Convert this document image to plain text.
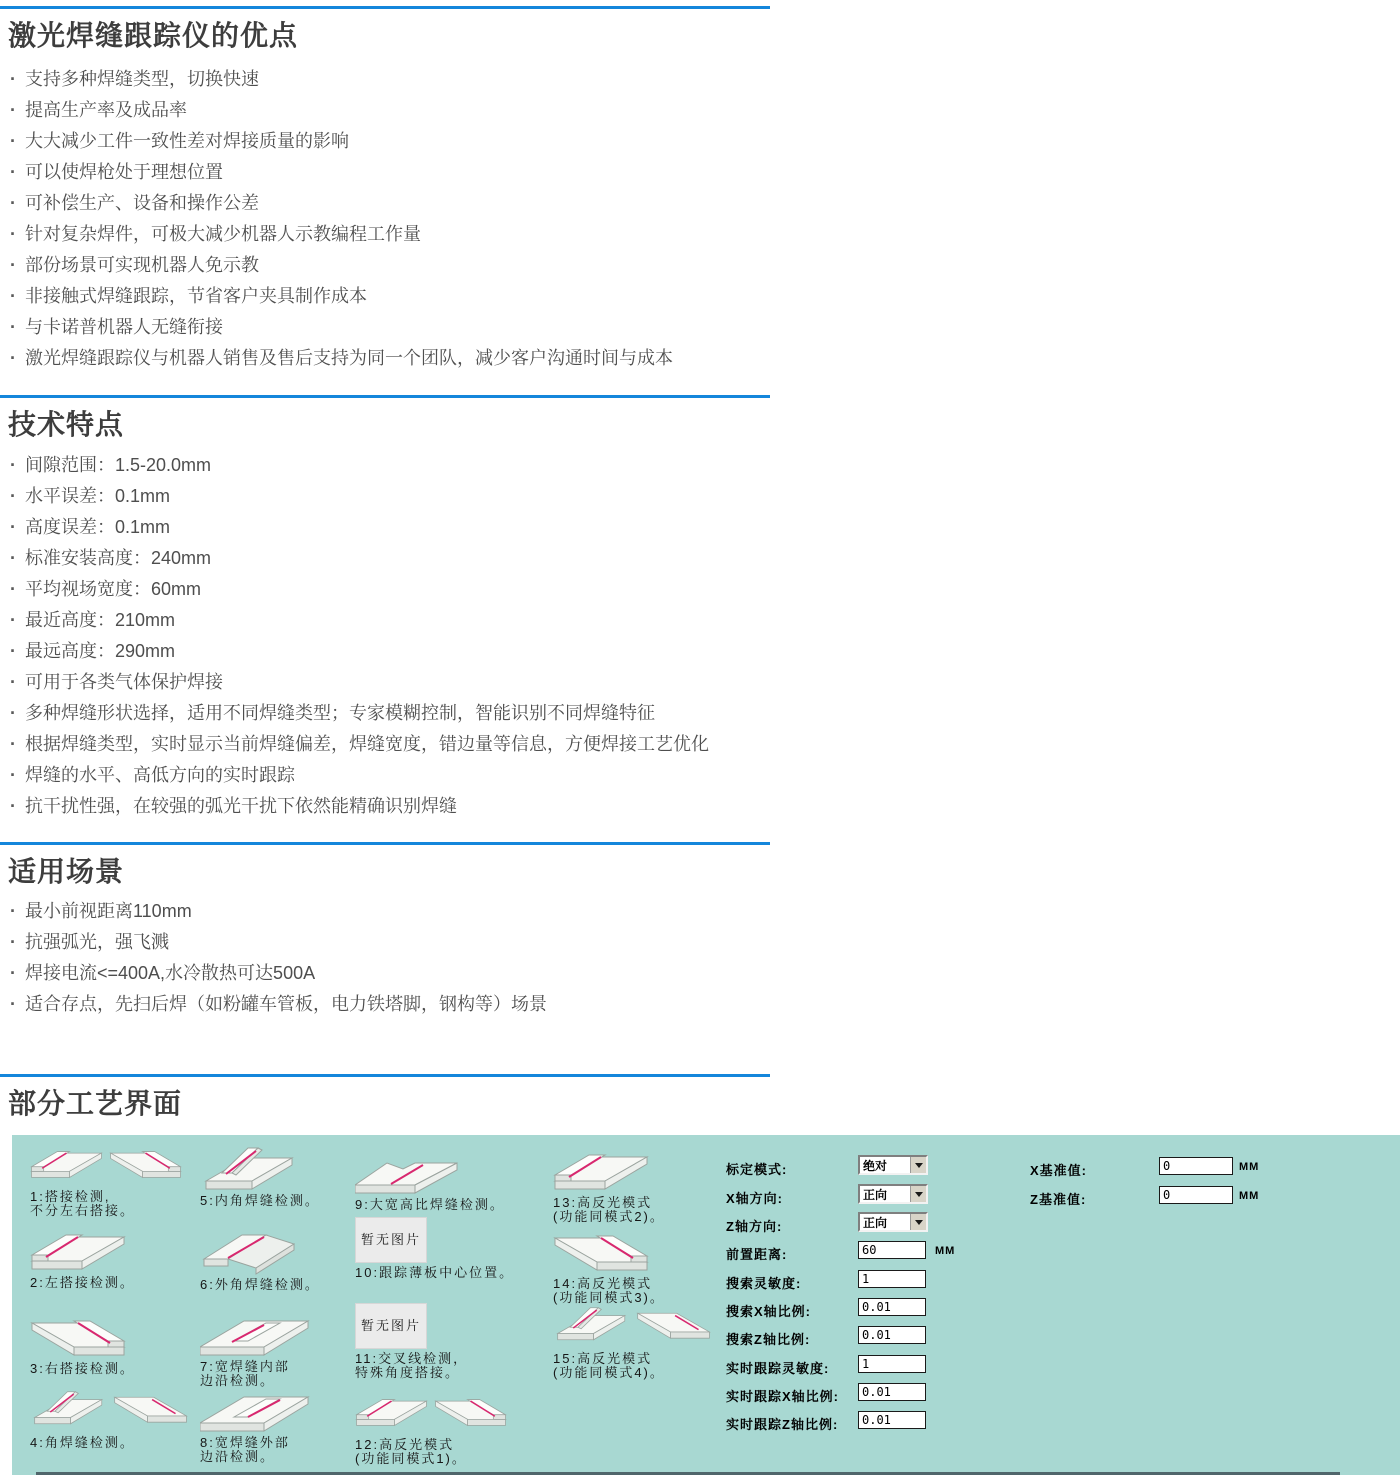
激光焊缝跟踪仪的优点
· 支持多种焊缝类型，切换快速
· 提高生产率及成品率
· 大大减少工件一致性差对焊接质量的影响
· 可以使焊枪处于理想位置
· 可补偿生产、设备和操作公差
· 针对复杂焊件，可极大减少机器人示教编程工作量
· 部份场景可实现机器人免示教
· 非接触式焊缝跟踪，节省客户夹具制作成本
· 与卡诺普机器人无缝衔接
· 激光焊缝跟踪仪与机器人销售及售后支持为同一个团队，减少客户沟通时间与成本
技术特点
· 间隙范围：1.5-20.0mm
· 水平误差：0.1mm
· 高度误差：0.1mm
· 标准安装高度：240mm
· 平均视场宽度：60mm
· 最近高度：210mm
· 最远高度：290mm
· 可用于各类气体保护焊接
· 多种焊缝形状选择，适用不同焊缝类型；专家模糊控制，智能识别不同焊缝特征
· 根据焊缝类型，实时显示当前焊缝偏差，焊缝宽度，错边量等信息，方便焊接工艺优化
· 焊缝的水平、高低方向的实时跟踪
· 抗干扰性强，在较强的弧光干扰下依然能精确识别焊缝
适用场景
· 最小前视距离110mm
· 抗强弧光，强飞溅
· 焊接电流<=400A,水冷散热可达500A
· 适合存点，先扫后焊（如粉罐车管板，电力铁塔脚，钢构等）场景
部分工艺界面
1:搭接检测,
不分左右搭接。
2:左搭接检测。
3:右搭接检测。
4:角焊缝检测。
5:内角焊缝检测。
6:外角焊缝检测。
7:宽焊缝内部
边沿检测。
8:宽焊缝外部
边沿检测。
9:大宽高比焊缝检测。
暂无图片
10:跟踪薄板中心位置。
暂无图片
11:交叉线检测，
特殊角度搭接。
12:高反光模式
(功能同模式1)。
13:高反光模式
(功能同模式2)。
14:高反光模式
(功能同模式3)。
15:高反光模式
(功能同模式4)。
标定模式:	绝对
X轴方向:	正向
Z轴方向:	正向
前置距离:
60	MM
搜索灵敏度:
1
搜索X轴比例:
0.01
搜索Z轴比例:
0.01
实时跟踪灵敏度:
1
实时跟踪X轴比例:
0.01
实时跟踪Z轴比例:
0.01
X基准值:
0	MM
Z基准值:
0	MM
